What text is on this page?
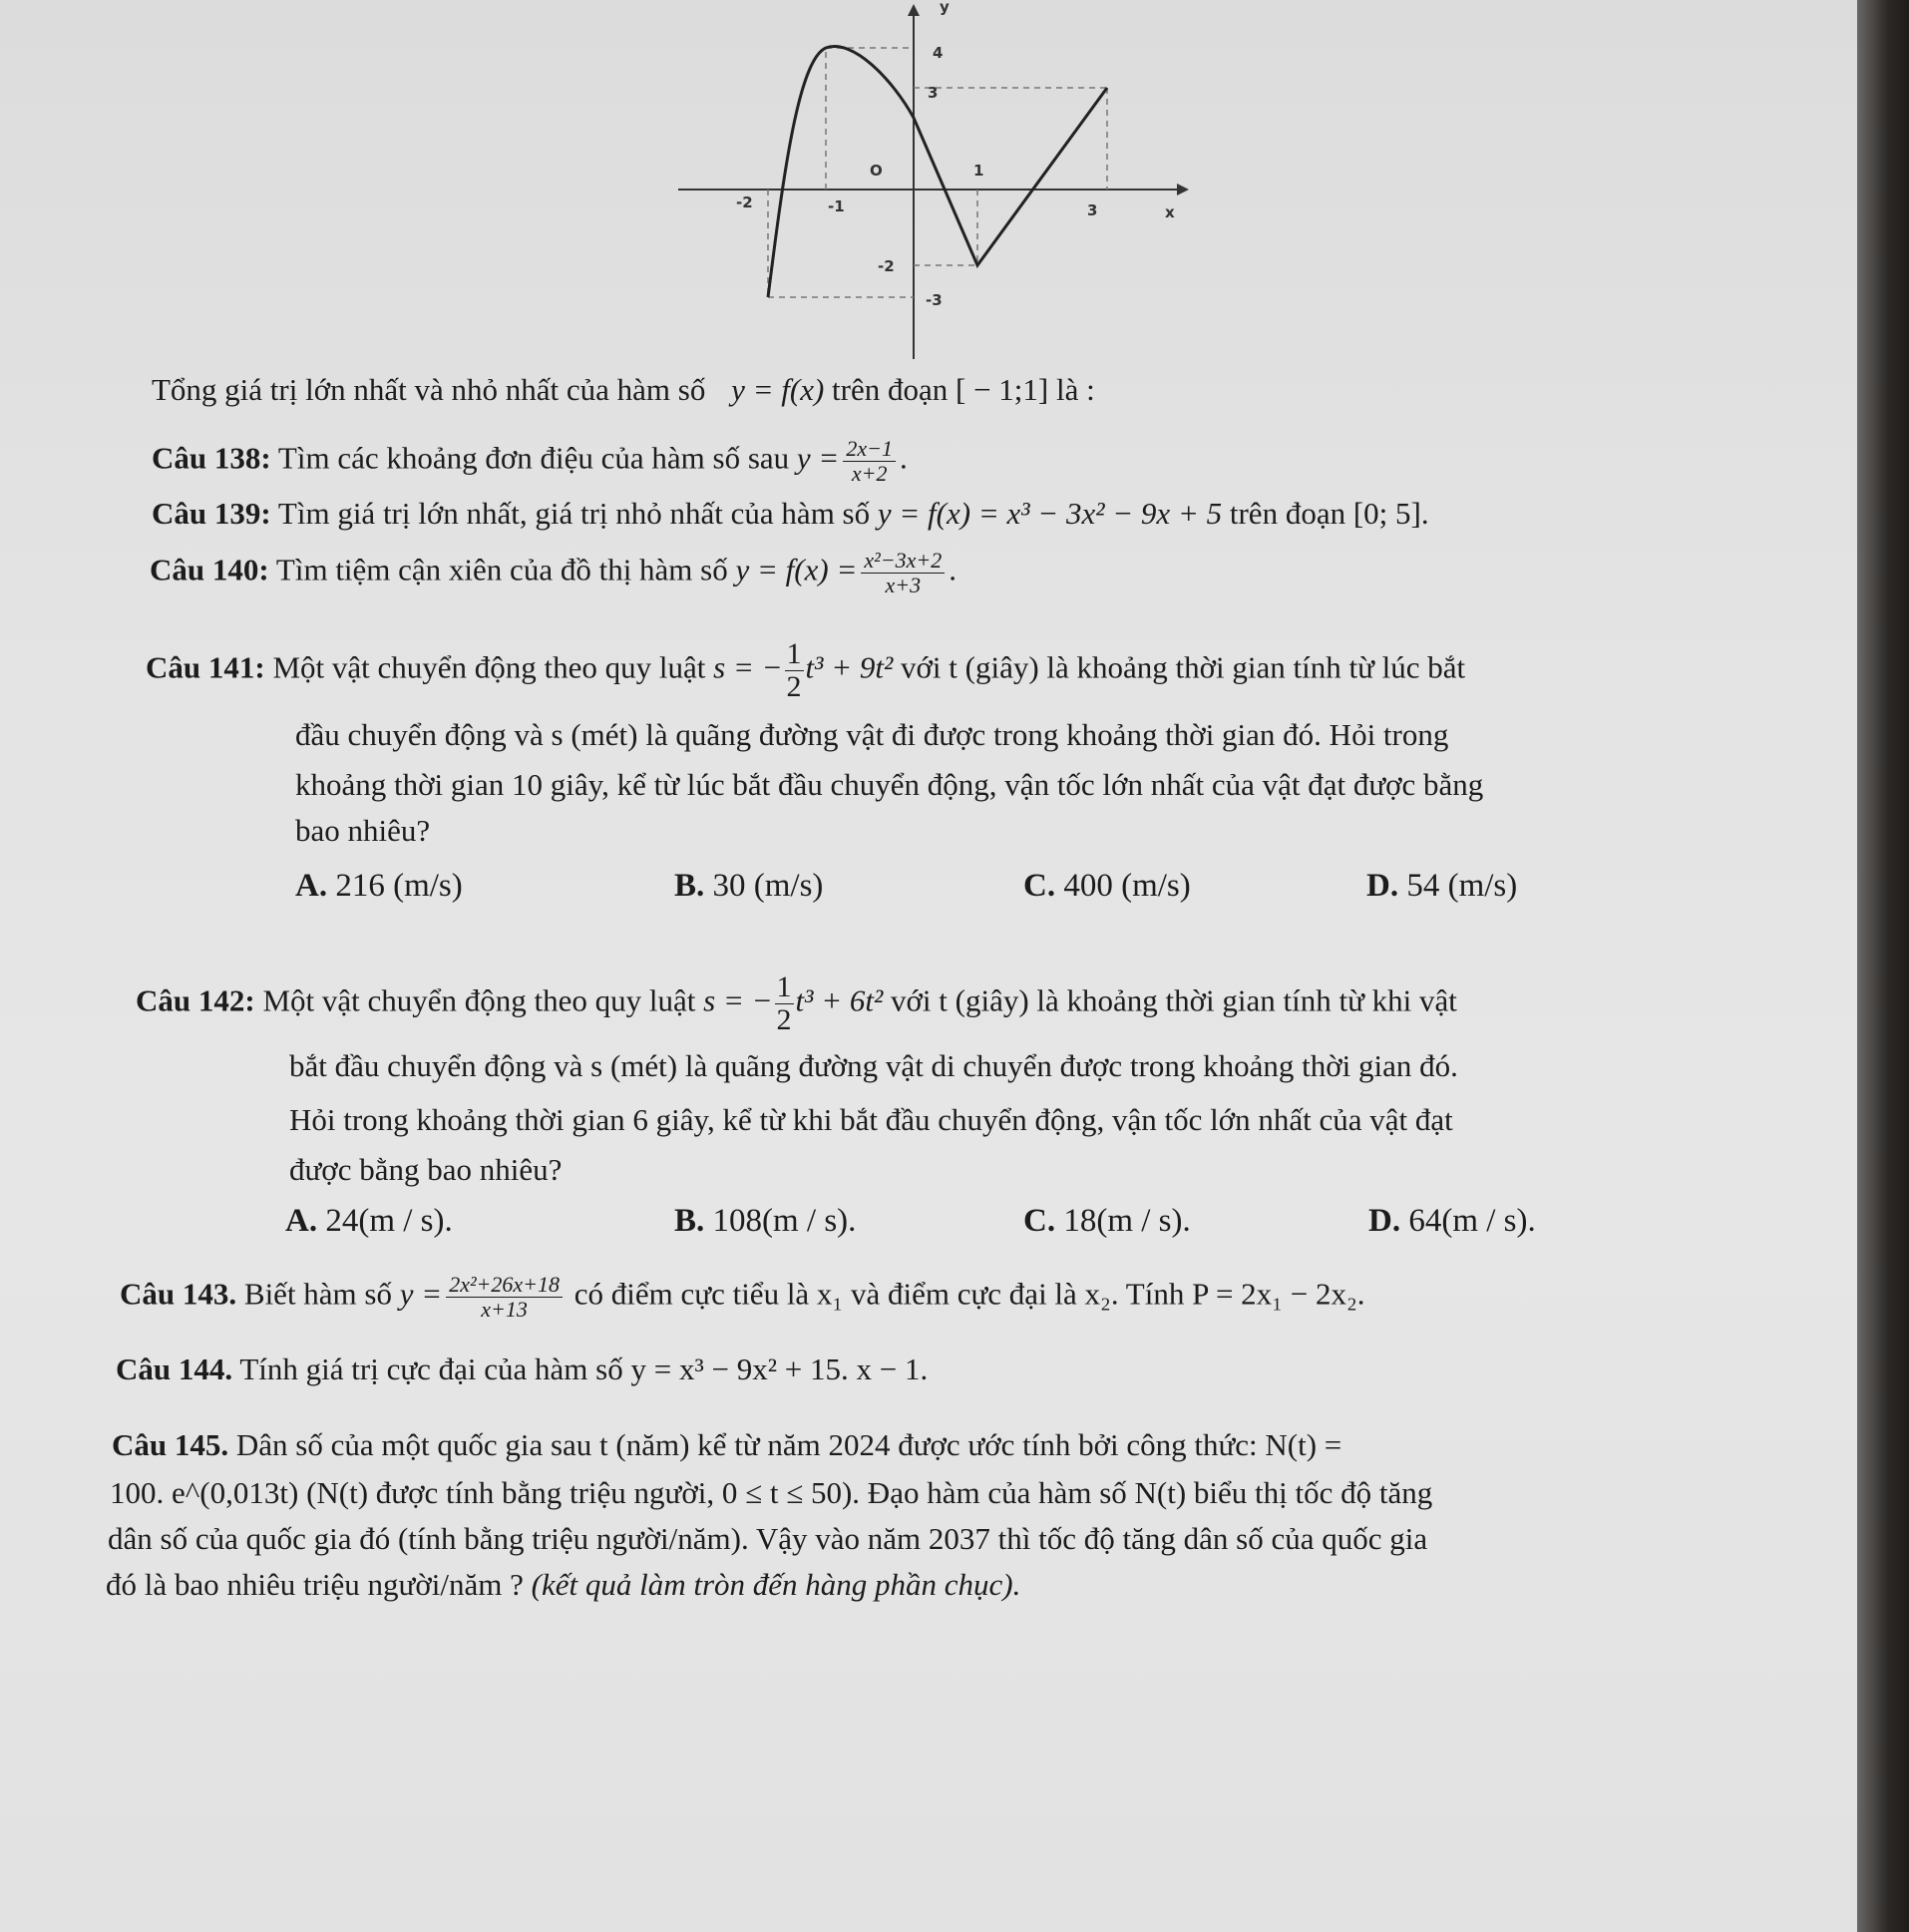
y
x
O
-2	-1
1
3
4
3
-2
-3
Tổng giá trị lớn nhất và nhỏ nhất của hàm số y = f(x) trên đoạn [ − 1;1] là :
Câu 138: Tìm các khoảng đơn điệu của hàm số sau $y = \frac{2x-1}{x+2}$ .
Câu 139: Tìm giá trị lớn nhất, giá trị nhỏ nhất của hàm số y = f(x) = x³ − 3x² − 9x + 5 trên đoạn [0; 5].
Câu 140: Tìm tiệm cận xiên của đồ thị hàm số $y = f(x) = \frac{\text{x²−3x+2}}{x+3}$ .
Câu 141: Một vật chuyển động theo quy luật s = − $\frac{1}{2} t^3 + 9t^2$ với t (giây) là khoảng thời gian tính từ lúc bắt
đầu chuyển động và s (mét) là quãng đường vật đi được trong khoảng thời gian đó. Hỏi trong
khoảng thời gian 10 giây, kể từ lúc bắt đầu chuyển động, vận tốc lớn nhất của vật đạt được bằng
bao nhiêu?
A. 216 (m/s)	B. 30 (m/s)	C. 400 (m/s)	D. 54 (m/s)
Câu 142: Một vật chuyển động theo quy luật s = − $\frac{1}{2} t^3 + 6t^2$ với t (giây) là khoảng thời gian tính từ khi vật
bắt đầu chuyển động và s (mét) là quãng đường vật di chuyển được trong khoảng thời gian đó.
Hỏi trong khoảng thời gian 6 giây, kể từ khi bắt đầu chuyển động, vận tốc lớn nhất của vật đạt
được bằng bao nhiêu?
A. 24(m / s).	B. 108(m / s).	C. 18(m / s).	D. 64(m / s).
Câu 143. Biết hàm số $y = \frac{\text{2x²+26x+18}}{x+13}$ có điểm cực tiểu là x₁ và điểm cực đại là x₂. Tính P = 2x₁ − 2x₂.
Câu 144. Tính giá trị cực đại của hàm số y = x³ − 9x² + 15. x − 1.
Câu 145. Dân số của một quốc gia sau t (năm) kể từ năm 2024 được ước tính bởi công thức: N(t) =
100. e^(0,013t) (N(t) được tính bằng triệu người, 0 ≤ t ≤ 50). Đạo hàm của hàm số N(t) biểu thị tốc độ tăng
dân số của quốc gia đó (tính bằng triệu người/năm). Vậy vào năm 2037 thì tốc độ tăng dân số của quốc gia
đó là bao nhiêu triệu người/năm ? (kết quả làm tròn đến hàng phần chục).
